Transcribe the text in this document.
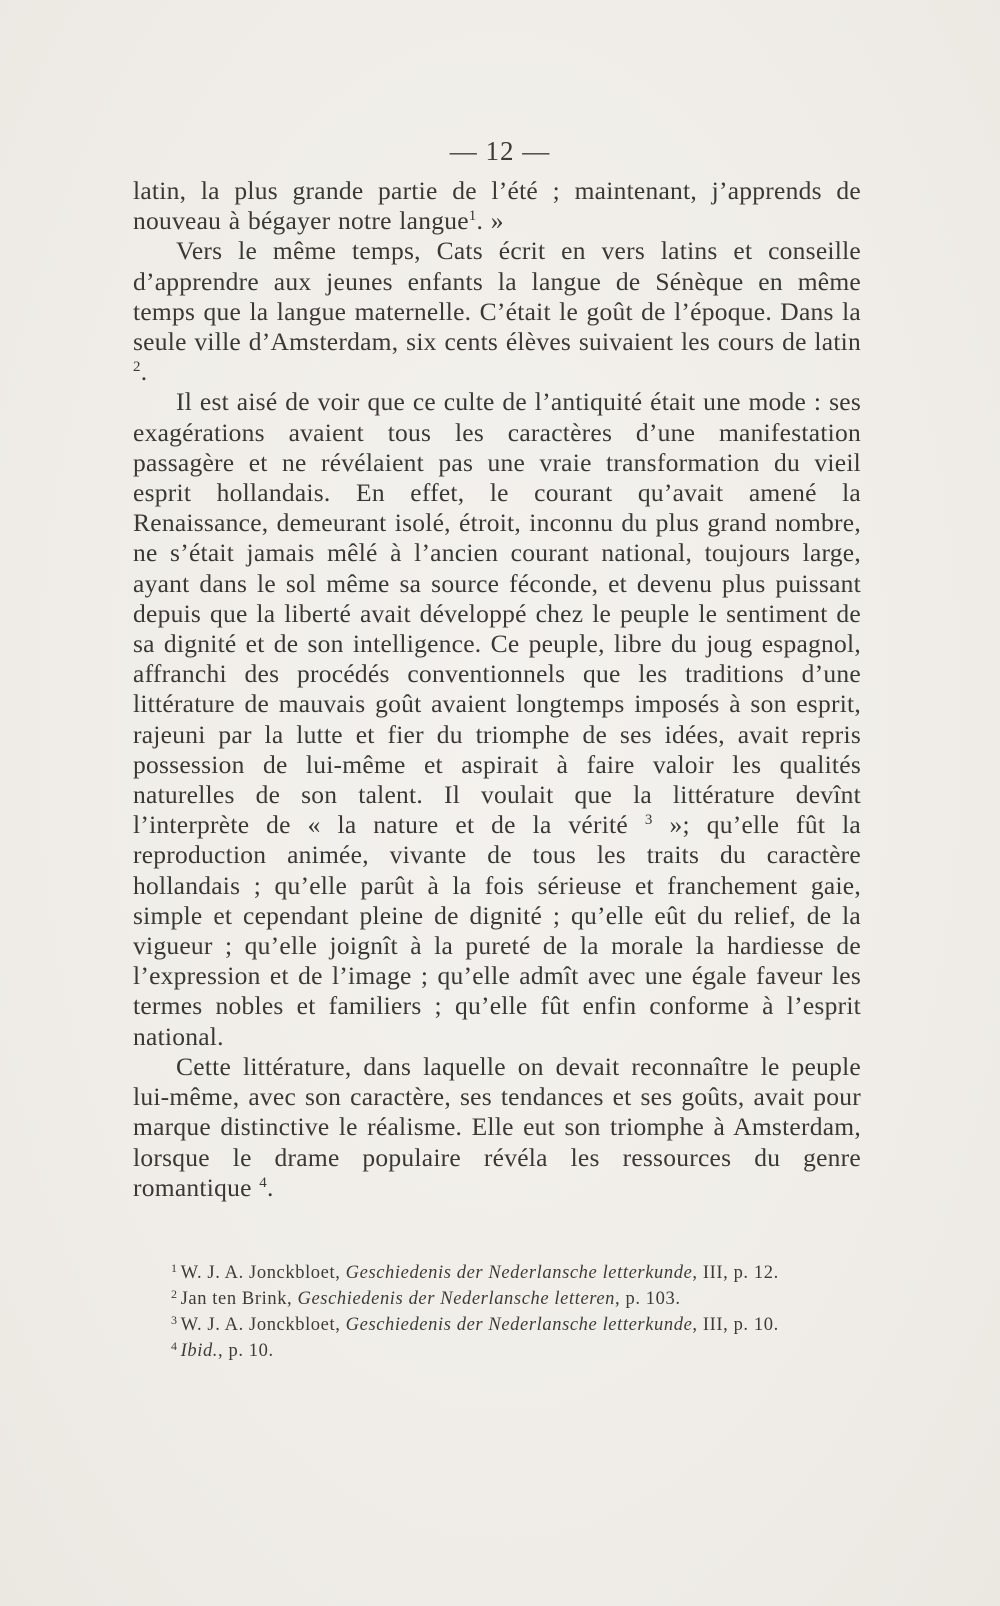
— 12 —

latin, la plus grande partie de l’été ; maintenant, j’apprends de nouveau à bégayer notre langue$^1$. »

Vers le même temps, Cats écrit en vers latins et conseille d’apprendre aux jeunes enfants la langue de Sénèque en même temps que la langue maternelle. C’était le goût de l’époque. Dans la seule ville d’Amsterdam, six cents élèves suivaient les cours de latin $^2$.

Il est aisé de voir que ce culte de l’antiquité était une mode : ses exagérations avaient tous les caractères d’une manifestation passagère et ne révélaient pas une vraie transformation du vieil esprit hollandais. En effet, le courant qu’avait amené la Renaissance, demeurant isolé, étroit, inconnu du plus grand nombre, ne s’était jamais mêlé à l’ancien courant national, toujours large, ayant dans le sol même sa source féconde, et devenu plus puissant depuis que la liberté avait développé chez le peuple le sentiment de sa dignité et de son intelligence. Ce peuple, libre du joug espagnol, affranchi des procédés conventionnels que les traditions d’une littérature de mauvais goût avaient longtemps imposés à son esprit, rajeuni par la lutte et fier du triomphe de ses idées, avait repris possession de lui-même et aspirait à faire valoir les qualités naturelles de son talent. Il voulait que la littérature devînt l’interprète de « la nature et de la vérité $^3$ »; qu’elle fût la reproduction animée, vivante de tous les traits du caractère hollandais ; qu’elle parût à la fois sérieuse et franchement gaie, simple et cependant pleine de dignité ; qu’elle eût du relief, de la vigueur ; qu’elle joignît à la pureté de la morale la hardiesse de l’expression et de l’image ; qu’elle admît avec une égale faveur les termes nobles et familiers ; qu’elle fût enfin conforme à l’esprit national.

Cette littérature, dans laquelle on devait reconnaître le peuple lui-même, avec son caractère, ses tendances et ses goûts, avait pour marque distinctive le réalisme. Elle eut son triomphe à Amsterdam, lorsque le drame populaire révéla les ressources du genre romantique $^4$.

$^1$ W. J. A. Jonckbloet, Geschiedenis der Nederlansche letterkunde, III, p. 12.

$^2$ Jan ten Brink, Geschiedenis der Nederlansche letteren, p. 103.

$^3$ W. J. A. Jonckbloet, Geschiedenis der Nederlansche letterkunde, III, p. 10.

$^4$ Ibid., p. 10.
